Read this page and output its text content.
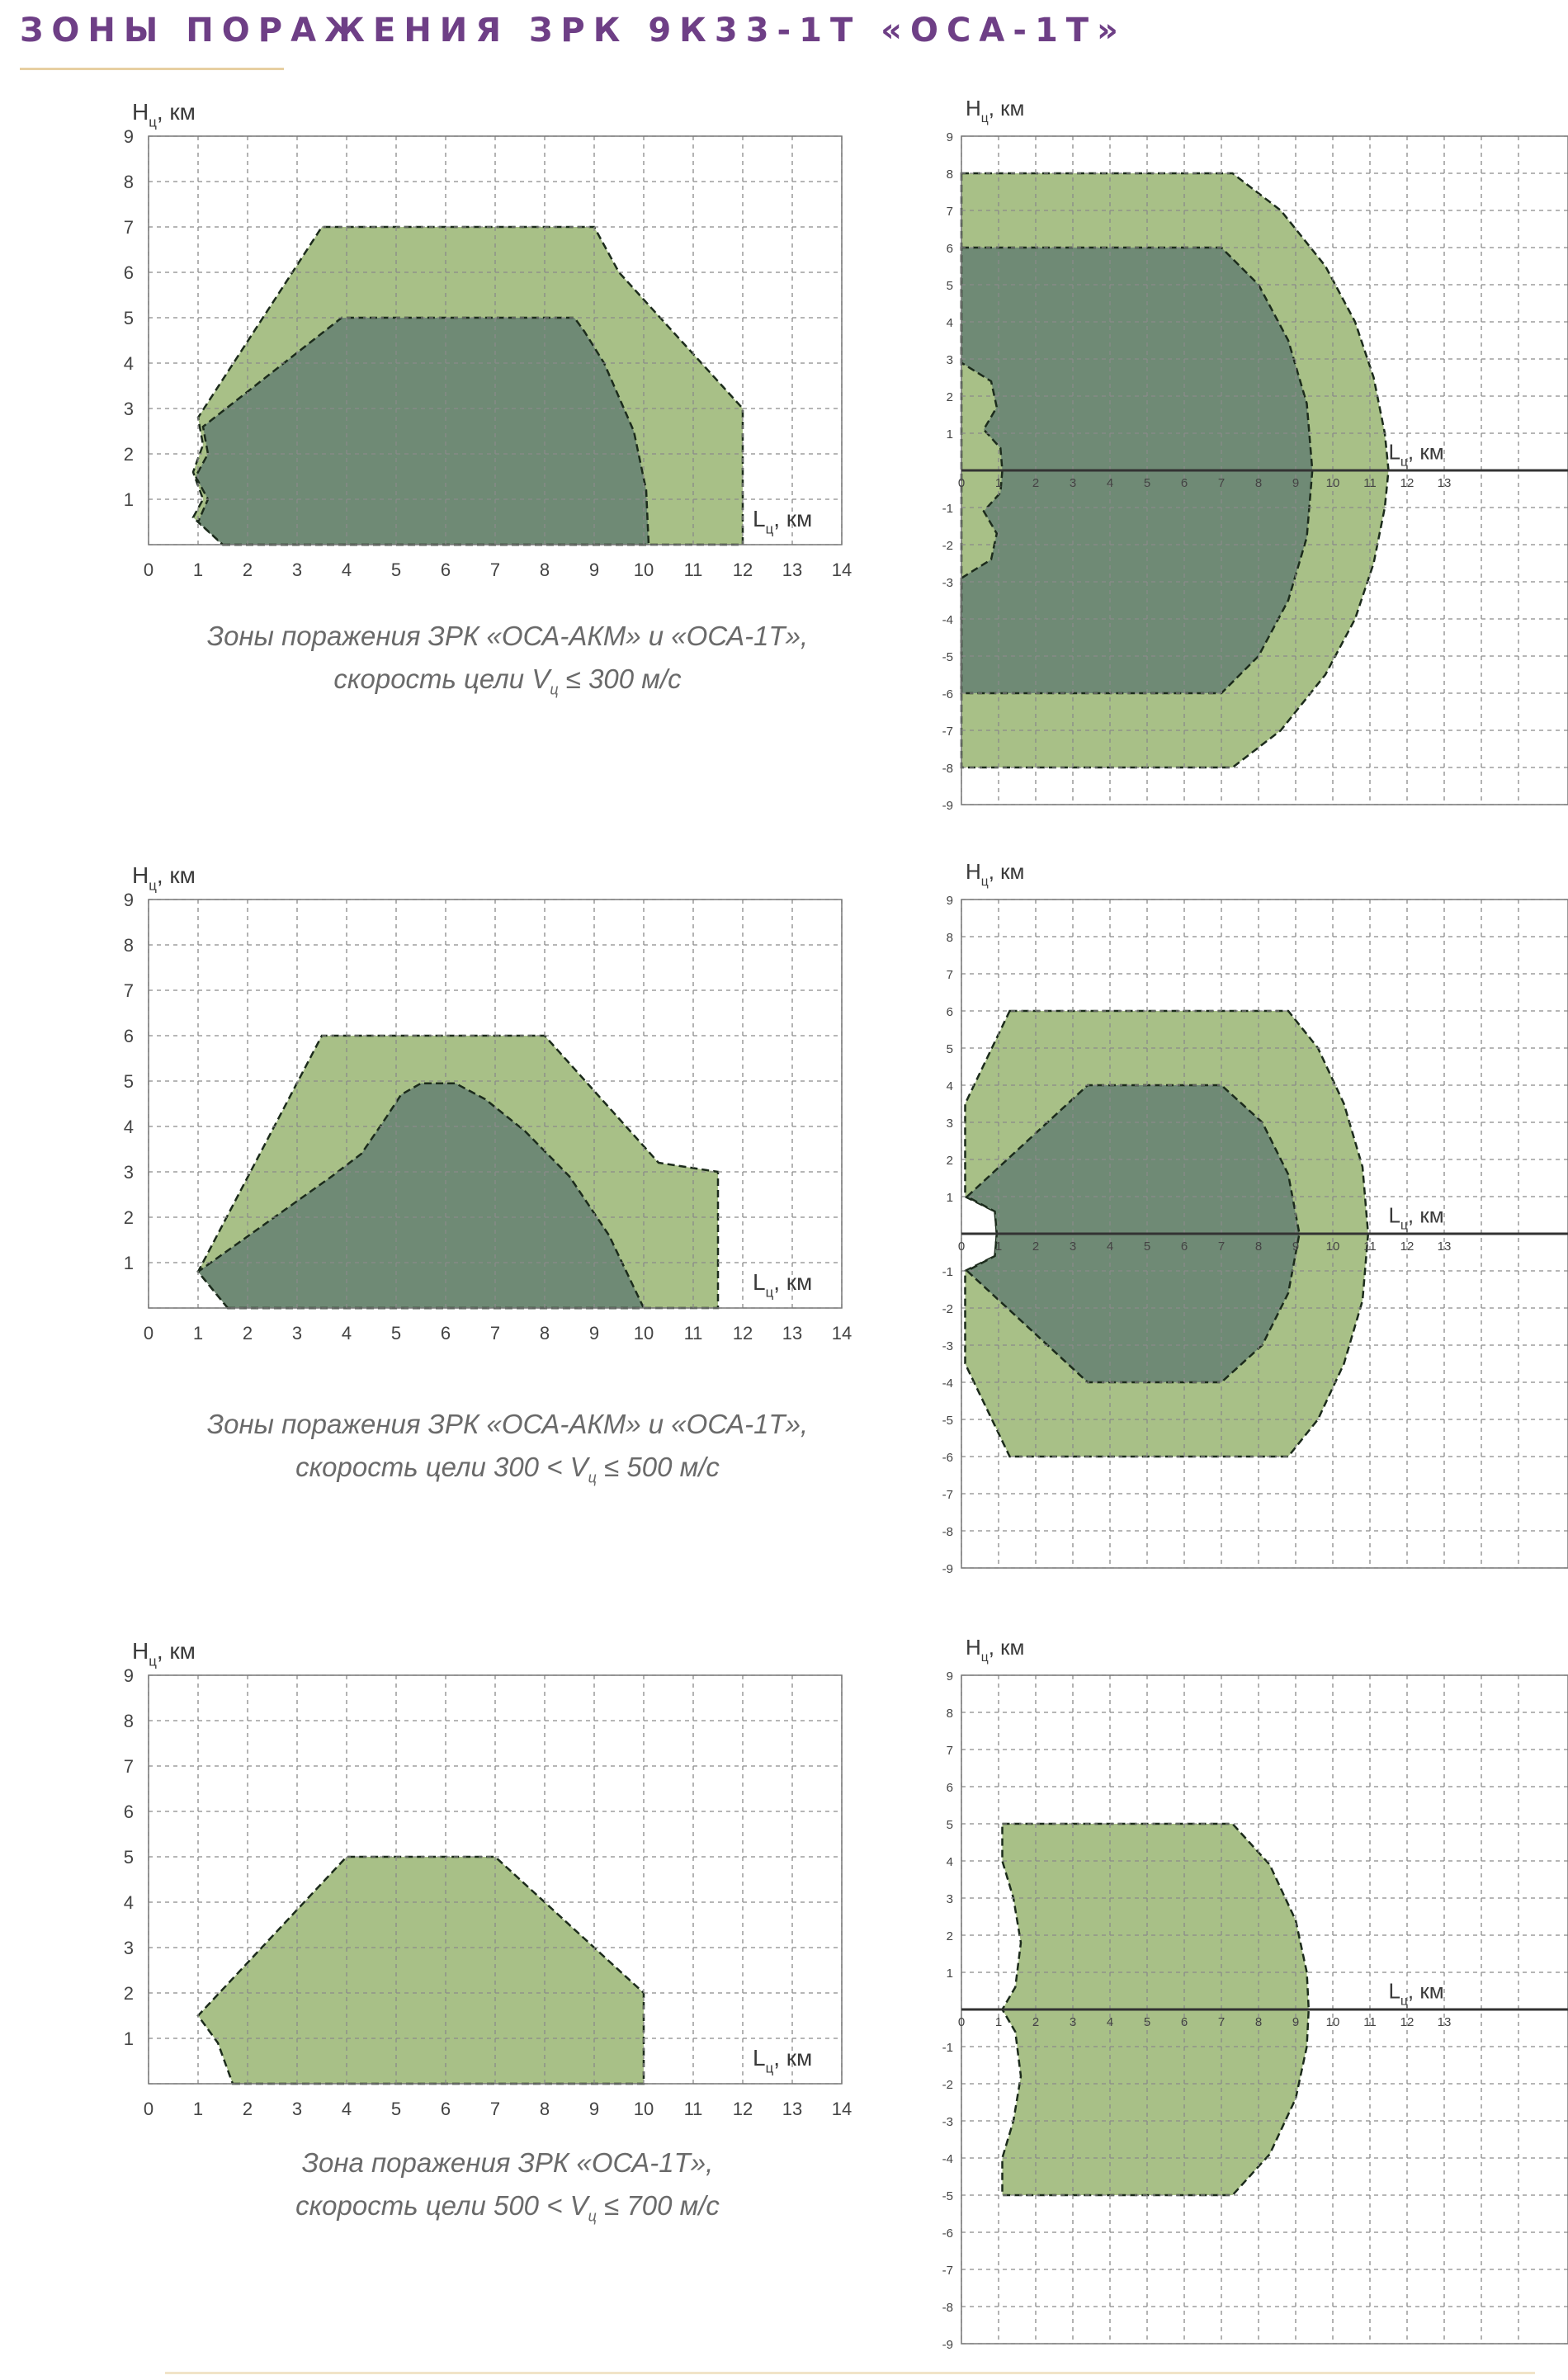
ЗОНЫ ПОРАЖЕНИЯ ЗРК 9К33-1Т «ОСА-1Т»
0 1 2 3 4 5 6 7 8 9 10 11 12 13 14
1
2
3
4
5
6
7
8
9
$H_ц$, км
$L_ц$, км
0 1 2 3 4 5 6 7 8 9 10 11 12 13
9
8
7
6
5
4
3
2
1
-1
-2
-3
-4
-5
-6
-7
-8
-9
$H_ц$, км
$L_ц$, км
Зоны поражения ЗРК «ОСА-АКМ» и «ОСА-1Т»,
скорость цели $V_ц \le 300$ м/с
0 1 2 3 4 5 6 7 8 9 10 11 12 13 14
1
2
3
4
5
6
7
8
9
$H_ц$, км
$L_ц$, км
0 1 2 3 4 5 6 7 8 9 10 11 12 13
9
8
7
6
5
4
3
2
1
-1
-2
-3
-4
-5
-6
-7
-8
-9
$H_ц$, км
$L_ц$, км
Зоны поражения ЗРК «ОСА-АКМ» и «ОСА-1Т»,
скорость цели $300 < V_ц \le 500$ м/с
0 1 2 3 4 5 6 7 8 9 10 11 12 13 14
1
2
3
4
5
6
7
8
9
$H_ц$, км
$L_ц$, км
0 1 2 3 4 5 6 7 8 9 10 11 12 13
9
8
7
6
5
4
3
2
1
-1
-2
-3
-4
-5
-6
-7
-8
-9
$H_ц$, км
$L_ц$, км
Зона поражения ЗРК «ОСА-1Т»,
скорость цели $500 < V_ц \le 700$ м/с
